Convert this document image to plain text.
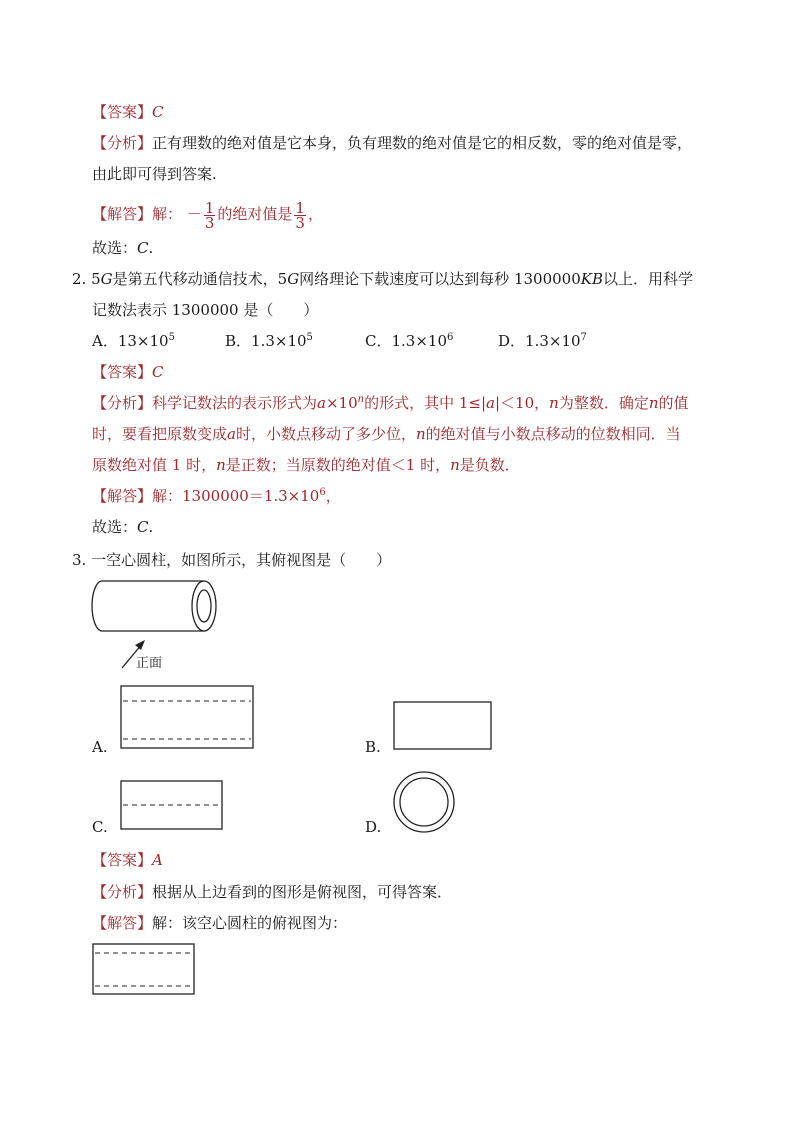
【答案】C
【分析】正有理数的绝对值是它本身，负有理数的绝对值是它的相反数，零的绝对值是零，
由此即可得到答案.
【解答】解： － $\frac{1}{3}$ 的绝对值是 $\frac{1}{3}$ ，
故选：C.
2. 5G是第五代移动通信技术，5G网络理论下载速度可以达到每秒 1300000KB以上．用科学
记数法表示 1300000 是（　　）
A．$13\times 10^5$	B．$1.3\times 10^5$	C．$1.3\times 10^6$	D．$1.3\times 10^7$
【答案】C
【分析】科学记数法的表示形式为$a\times 10^n$的形式，其中 1≤|a|＜10，n为整数．确定n的值
时，要看把原数变成a时，小数点移动了多少位，n的绝对值与小数点移动的位数相同．当
原数绝对值 1 时，n是正数；当原数的绝对值＜1 时，n是负数．
【解答】解：$1300000=1.3\times 10^6$，
故选：C.
3. 一空心圆柱，如图所示，其俯视图是（　　）
正面
A.	B.
C.	D.
【答案】A
【分析】根据从上边看到的图形是俯视图，可得答案．
【解答】解：该空心圆柱的俯视图为：
